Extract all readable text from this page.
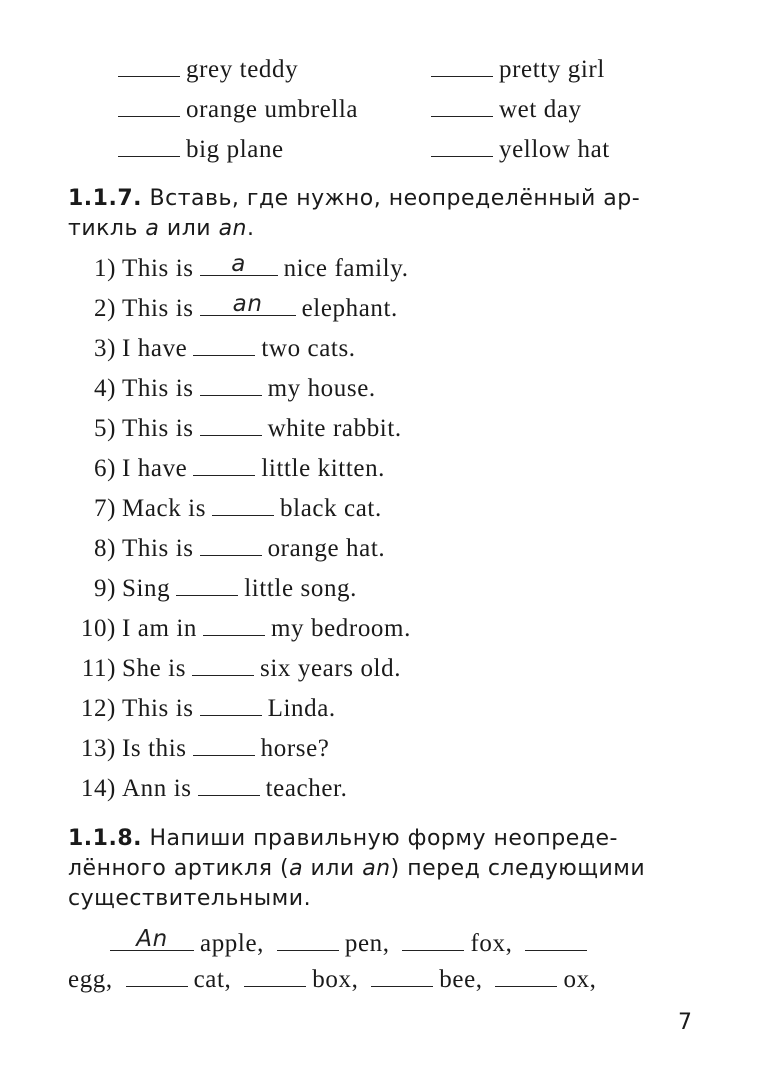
grey teddy	pretty girl
orange umbrella	wet day
big plane	yellow hat
1.1.7. Вставь, где нужно, неопределённый ар-
тикль a или an.
1) This is	a	nice family.
2) This is	an	elephant.
3) I have	two cats.
4) This is	my house.
5) This is	white rabbit.
6) I have	little kitten.
7) Mack is	black cat.
8) This is	orange hat.
9) Sing	little song.
10) I am in	my bedroom.
11) She is	six years old.
12) This is	Linda.
13) Is this	horse?
14) Ann is	teacher.
1.1.8. Напиши правильную форму неопреде-
лённого артикля (a или an) перед следующими
существительными.
An	apple,	pen,	fox,
egg,	cat,	box,	bee,	ox,
7
